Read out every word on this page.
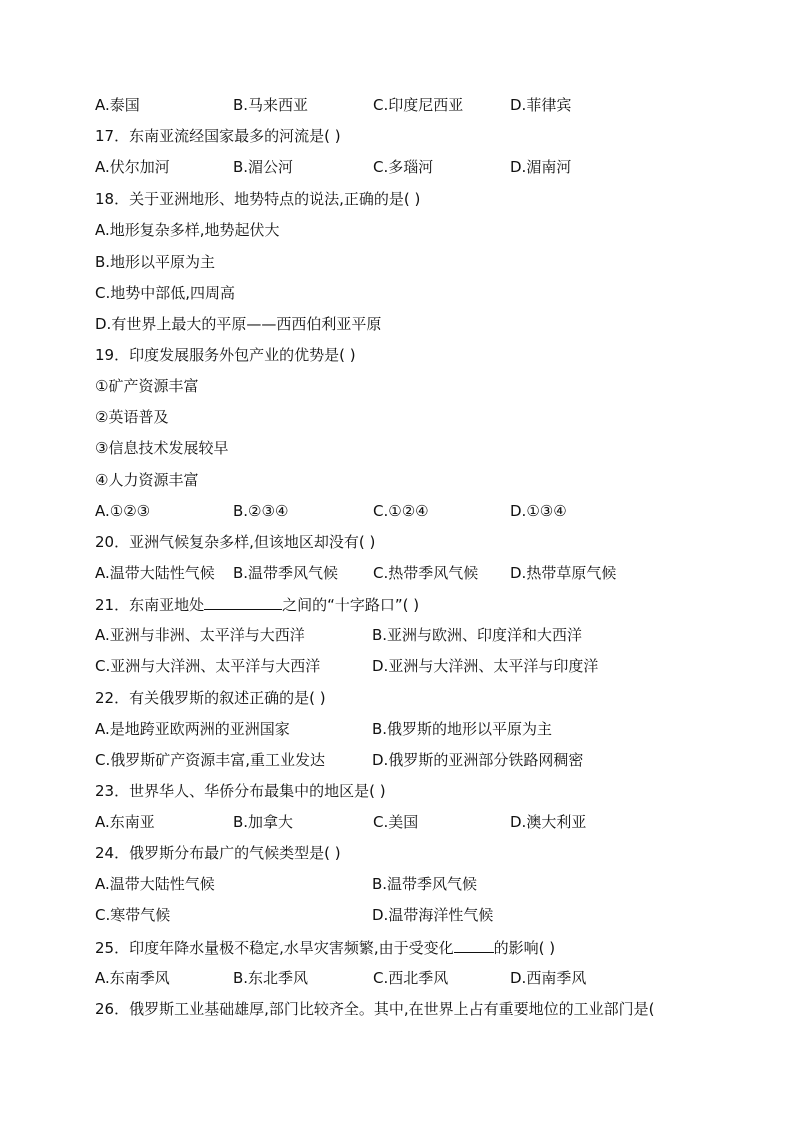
A.泰国	B.马来西亚	C.印度尼西亚	D.菲律宾
17．东南亚流经国家最多的河流是( )
A.伏尔加河	B.湄公河	C.多瑙河	D.湄南河
18．关于亚洲地形、地势特点的说法,正确的是( )
A.地形复杂多样,地势起伏大
B.地形以平原为主
C.地势中部低,四周高
D.有世界上最大的平原——西西伯利亚平原
19．印度发展服务外包产业的优势是( )
①矿产资源丰富
②英语普及
③信息技术发展较早
④人力资源丰富
A.①②③	B.②③④	C.①②④	D.①③④
20．亚洲气候复杂多样,但该地区却没有( )
A.温带大陆性气候 B.温带季风气候 C.热带季风气候 D.热带草原气候
21．东南亚地处	之间的“十字路口”( )
A.亚洲与非洲、太平洋与大西洋	B.亚洲与欧洲、印度洋和大西洋
C.亚洲与大洋洲、太平洋与大西洋	D.亚洲与大洋洲、太平洋与印度洋
22．有关俄罗斯的叙述正确的是( )
A.是地跨亚欧两洲的亚洲国家	B.俄罗斯的地形以平原为主
C.俄罗斯矿产资源丰富,重工业发达	D.俄罗斯的亚洲部分铁路网稠密
23．世界华人、华侨分布最集中的地区是( )
A.东南亚	B.加拿大	C.美国	D.澳大利亚
24．俄罗斯分布最广的气候类型是( )
A.温带大陆性气候	B.温带季风气候
C.寒带气候	D.温带海洋性气候
25．印度年降水量极不稳定,水旱灾害频繁,由于受变化	的影响( )
A.东南季风	B.东北季风	C.西北季风	D.西南季风
26．俄罗斯工业基础雄厚,部门比较齐全。其中,在世界上占有重要地位的工业部门是(
